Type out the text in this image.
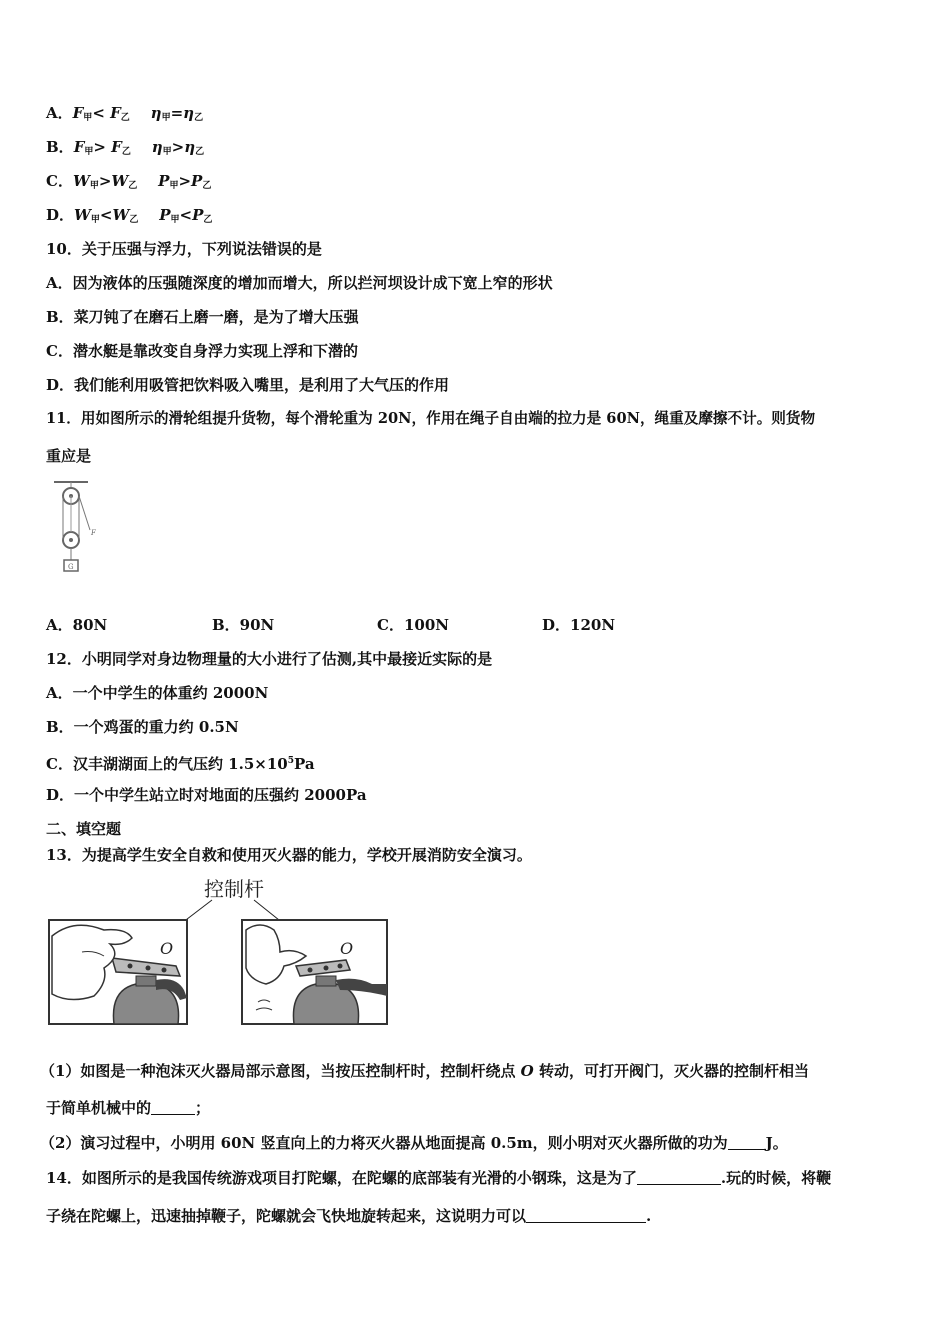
A．$F_甲< F_乙$ $\eta_甲=\eta_乙$
B．$F_甲> F_乙$ $\eta_甲>\eta_乙$
C．$W_甲>W_乙$ $P_甲>P_乙$
D．$W_甲<W_乙$ $P_甲<P_乙$
10．关于压强与浮力，下列说法错误的是
A．因为液体的压强随深度的增加而增大，所以拦河坝设计成下宽上窄的形状
B．菜刀钝了在磨石上磨一磨，是为了增大压强
C．潜水艇是靠改变自身浮力实现上浮和下潜的
D．我们能利用吸管把饮料吸入嘴里，是利用了大气压的作用
11．用如图所示的滑轮组提升货物，每个滑轮重为 20N，作用在绳子自由端的拉力是 60N，绳重及摩擦不计。则货物
重应是
F
G
A．80N	B．90N	C．100N	D．120N
12．小明同学对身边物理量的大小进行了估测,其中最接近实际的是
A．一个中学生的体重约 2000N
B．一个鸡蛋的重力约 0.5N
C．汉丰湖湖面上的气压约 $1.5\times 10^5Pa$
D．一个中学生站立时对地面的压强约 2000Pa
二、填空题
13．为提高学生安全自救和使用灭火器的能力，学校开展消防安全演习。
控制杆
O	O
（1）如图是一种泡沫灭火器局部示意图，当按压控制杆时，控制杆绕点 O 转动，可打开阀门，灭火器的控制杆相当
于简单机械中的	；
（2）演习过程中，小明用 60N 竖直向上的力将灭火器从地面提高 0.5m，则小明对灭火器所做的功为	J。
14．如图所示的是我国传统游戏项目打陀螺，在陀螺的底部装有光滑的小钢珠，这是为了	.玩的时候，将鞭
子绕在陀螺上，迅速抽掉鞭子，陀螺就会飞快地旋转起来，这说明力可以	.
